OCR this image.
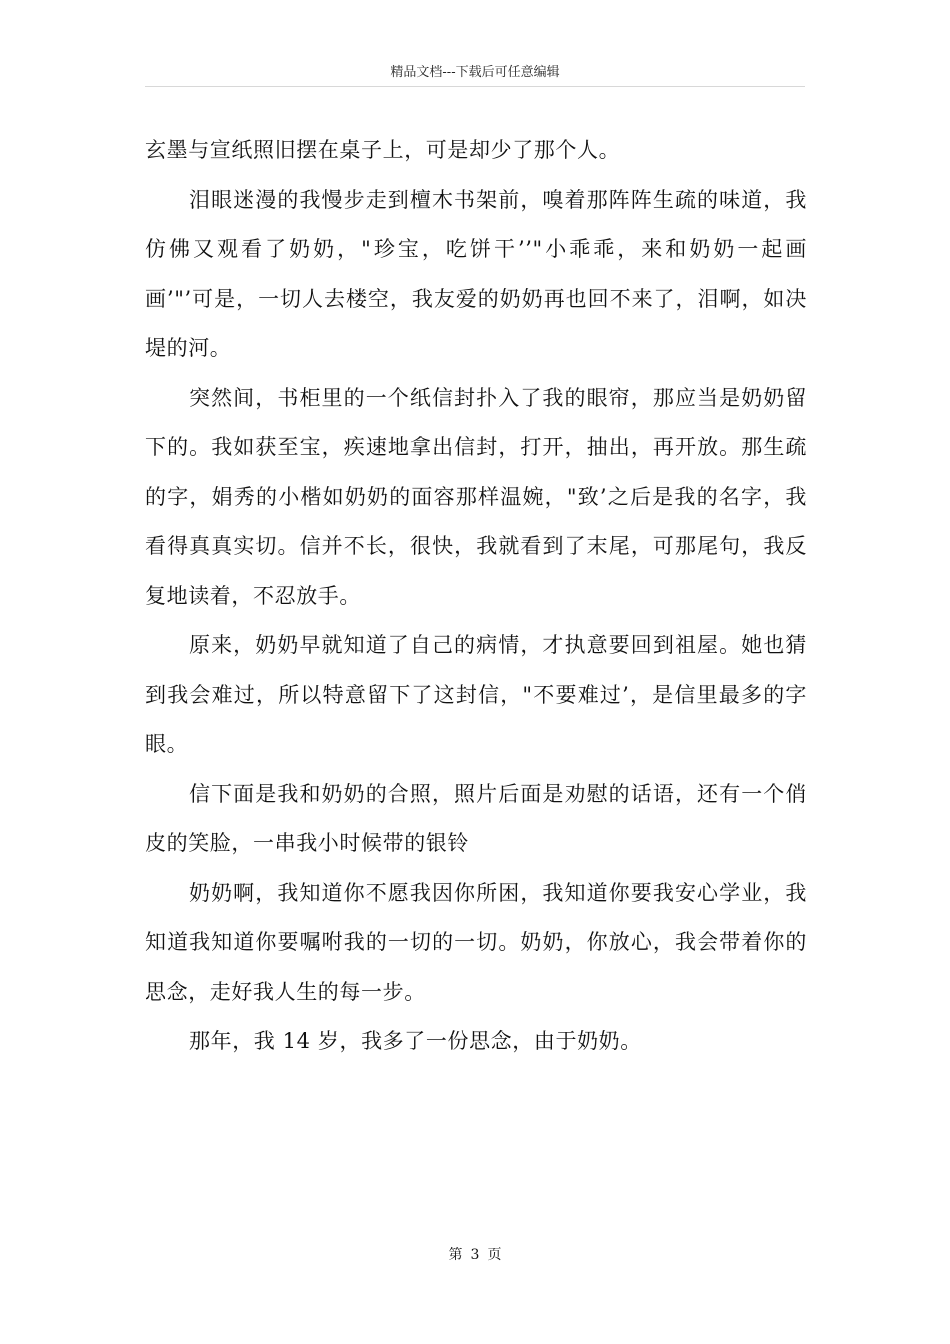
精品文档---下载后可任意编辑

玄墨与宣纸照旧摆在桌子上，可是却少了那个人。

泪眼迷漫的我慢步走到檀木书架前，嗅着那阵阵生疏的味道，我仿佛又观看了奶奶，"珍宝，吃饼干’’"小乖乖，来和奶奶一起画画’"’可是，一切人去楼空，我友爱的奶奶再也回不来了，泪啊，如决堤的河。

突然间，书柜里的一个纸信封扑入了我的眼帘，那应当是奶奶留下的。我如获至宝，疾速地拿出信封，打开，抽出，再开放。那生疏的字，娟秀的小楷如奶奶的面容那样温婉，"致’之后是我的名字，我看得真真实切。信并不长，很快，我就看到了末尾，可那尾句，我反复地读着，不忍放手。

原来，奶奶早就知道了自己的病情，才执意要回到祖屋。她也猜到我会难过，所以特意留下了这封信，"不要难过’，是信里最多的字眼。

信下面是我和奶奶的合照，照片后面是劝慰的话语，还有一个俏皮的笑脸，一串我小时候带的银铃

奶奶啊，我知道你不愿我因你所困，我知道你要我安心学业，我知道我知道你要嘱咐我的一切的一切。奶奶，你放心，我会带着你的思念，走好我人生的每一步。

那年，我 14 岁，我多了一份思念，由于奶奶。

第 3 页
